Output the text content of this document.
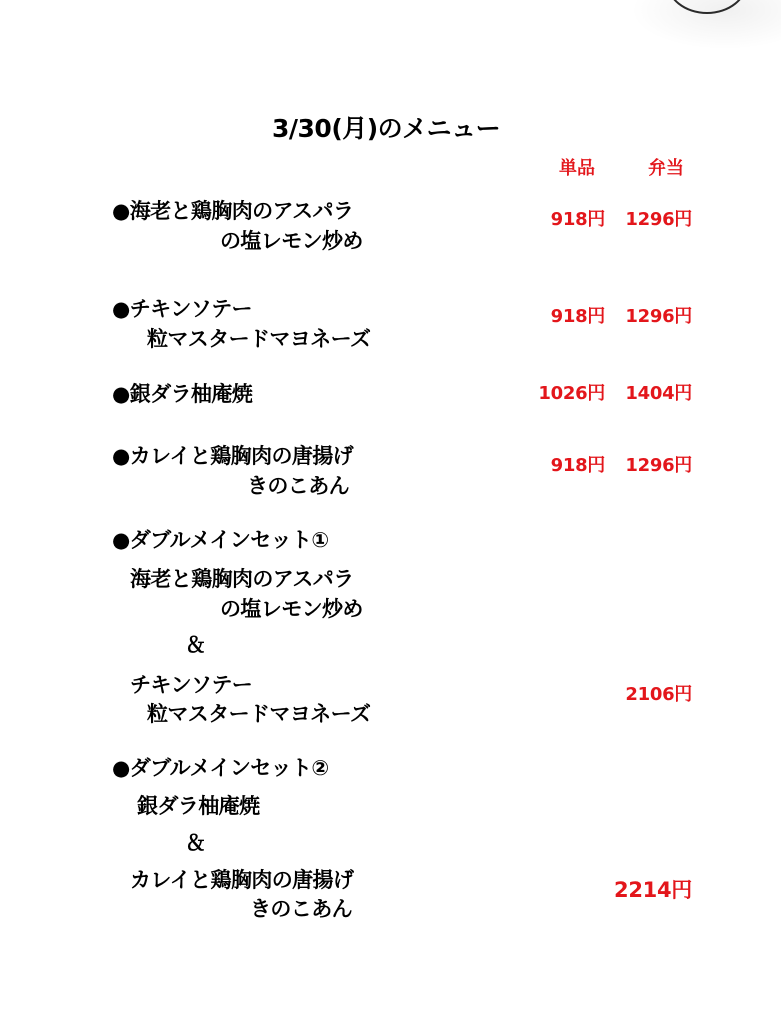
3/30(月)のメニュー
単品	弁当
●海老と鶏胸肉のアスパラ
の塩レモン炒め
918円 1296円
●チキンソテー
粒マスタードマヨネーズ
918円 1296円
●銀ダラ柚庵焼	1026円 1404円
●カレイと鶏胸肉の唐揚げ
きのこあん
918円 1296円
●ダブルメインセット①
海老と鶏胸肉のアスパラ
の塩レモン炒め
＆
チキンソテー
粒マスタードマヨネーズ
2106円
●ダブルメインセット②
銀ダラ柚庵焼
＆
カレイと鶏胸肉の唐揚げ
きのこあん
2214円
